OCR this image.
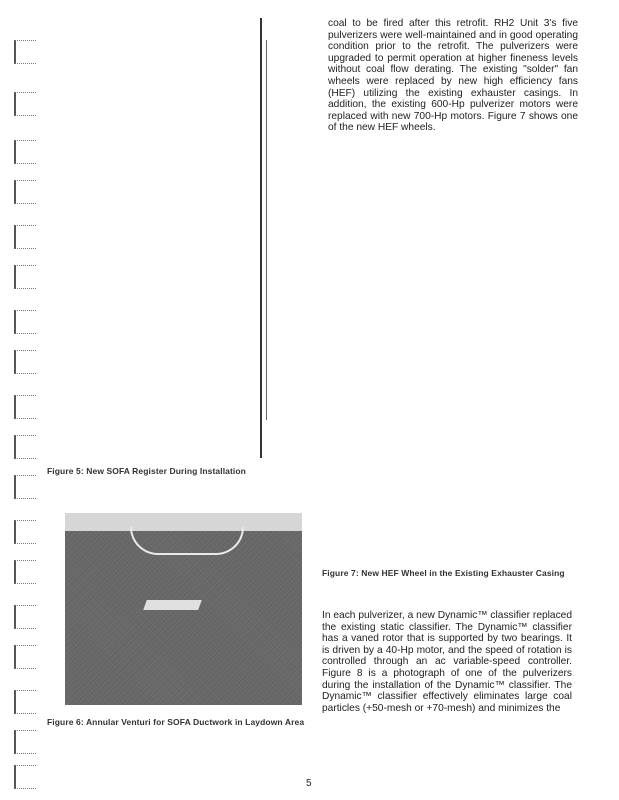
Figure 5: New SOFA Register During Installation

coal to be fired after this retrofit. RH2 Unit 3's five pulverizers were well-maintained and in good operating condition prior to the retrofit. The pulverizers were upgraded to permit operation at higher fineness levels without coal flow derating. The existing "solder" fan wheels were replaced by new high efficiency fans (HEF) utilizing the existing exhauster casings. In addition, the existing 600-Hp pulverizer motors were replaced with new 700-Hp motors. Figure 7 shows one of the new HEF wheels.

Figure 6: Annular Venturi for SOFA Ductwork in Laydown Area
Figure 7: New HEF Wheel in the Existing Exhauster Casing

In each pulverizer, a new Dynamic™ classifier replaced the existing static classifier. The Dynamic™ classifier has a vaned rotor that is supported by two bearings. It is driven by a 40-Hp motor, and the speed of rotation is controlled through an ac variable-speed controller. Figure 8 is a photograph of one of the pulverizers during the installation of the Dynamic™ classifier. The Dynamic™ classifier effectively eliminates large coal particles (+50-mesh or +70-mesh) and minimizes the

5
